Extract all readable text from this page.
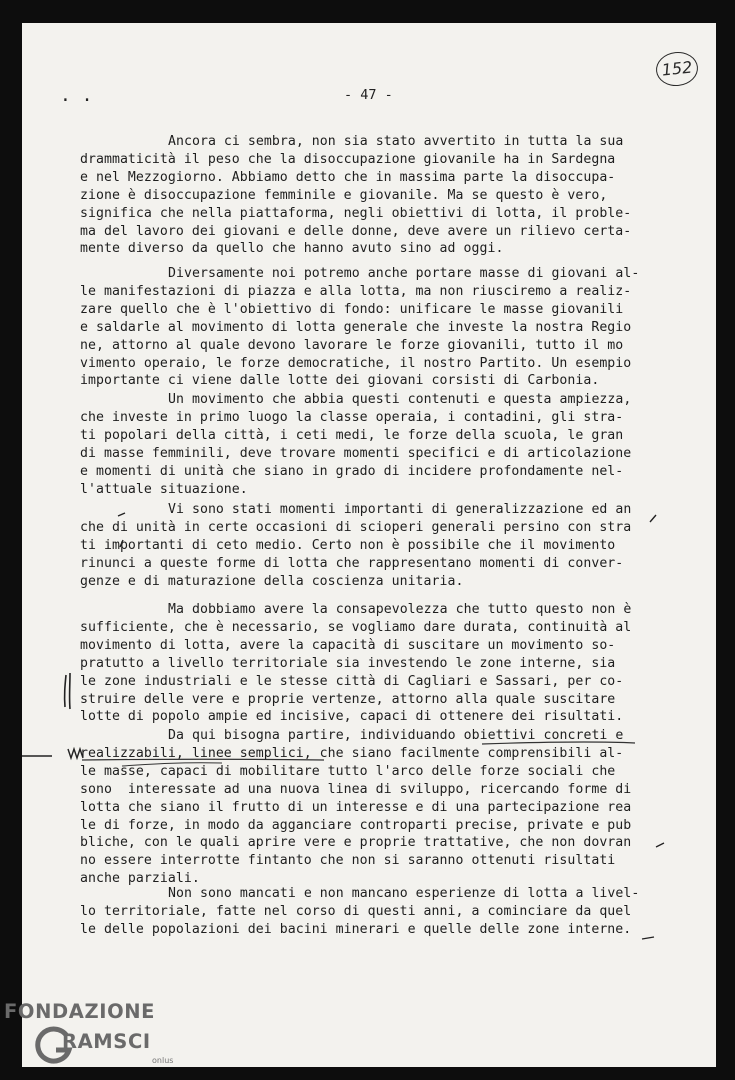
. .	- 47 -
152
Ancora ci sembra, non sia stato avvertito in tutta la sua
drammaticità il peso che la disoccupazione giovanile ha in Sardegna
e nel Mezzogiorno. Abbiamo detto che in massima parte la disoccupa-
zione è disoccupazione femminile e giovanile. Ma se questo è vero,
significa che nella piattaforma, negli obiettivi di lotta, il proble-
ma del lavoro dei giovani e delle donne, deve avere un rilievo certa-
mente diverso da quello che hanno avuto sino ad oggi.
Diversamente noi potremo anche portare masse di giovani al-
le manifestazioni di piazza e alla lotta, ma non riusciremo a realiz-
zare quello che è l'obiettivo di fondo: unificare le masse giovanili
e saldarle al movimento di lotta generale che investe la nostra Regio
ne, attorno al quale devono lavorare le forze giovanili, tutto il mo
vimento operaio, le forze democratiche, il nostro Partito. Un esempio
importante ci viene dalle lotte dei giovani corsisti di Carbonia.
Un movimento che abbia questi contenuti e questa ampiezza,
che investe in primo luogo la classe operaia, i contadini, gli stra-
ti popolari della città, i ceti medi, le forze della scuola, le gran
di masse femminili, deve trovare momenti specifici e di articolazione
e momenti di unità che siano in grado di incidere profondamente nel-
l'attuale situazione.
Vi sono stati momenti importanti di generalizzazione ed an
che di unità in certe occasioni di scioperi generali persino con stra
ti importanti di ceto medio. Certo non è possibile che il movimento
rinunci a queste forme di lotta che rappresentano momenti di conver-
genze e di maturazione della coscienza unitaria.
Ma dobbiamo avere la consapevolezza che tutto questo non è
sufficiente, che è necessario, se vogliamo dare durata, continuità al
movimento di lotta, avere la capacità di suscitare un movimento so-
pratutto a livello territoriale sia investendo le zone interne, sia
le zone industriali e le stesse città di Cagliari e Sassari, per co-
struire delle vere e proprie vertenze, attorno alla quale suscitare
lotte di popolo ampie ed incisive, capaci di ottenere dei risultati.
Da qui bisogna partire, individuando obiettivi concreti e
realizzabili, linee semplici, che siano facilmente comprensibili al-
le masse, capaci di mobilitare tutto l'arco delle forze sociali che
sono  interessate ad una nuova linea di sviluppo, ricercando forme di
lotta che siano il frutto di un interesse e di una partecipazione rea
le di forze, in modo da agganciare controparti precise, private e pub
bliche, con le quali aprire vere e proprie trattative, che non dovran
no essere interrotte fintanto che non si saranno ottenuti risultati
anche parziali.
Non sono mancati e non mancano esperienze di lotta a livel-
lo territoriale, fatte nel corso di questi anni, a cominciare da quel
le delle popolazioni dei bacini minerari e quelle delle zone interne.
FONDAZIONE
RAMSCI
onlus
